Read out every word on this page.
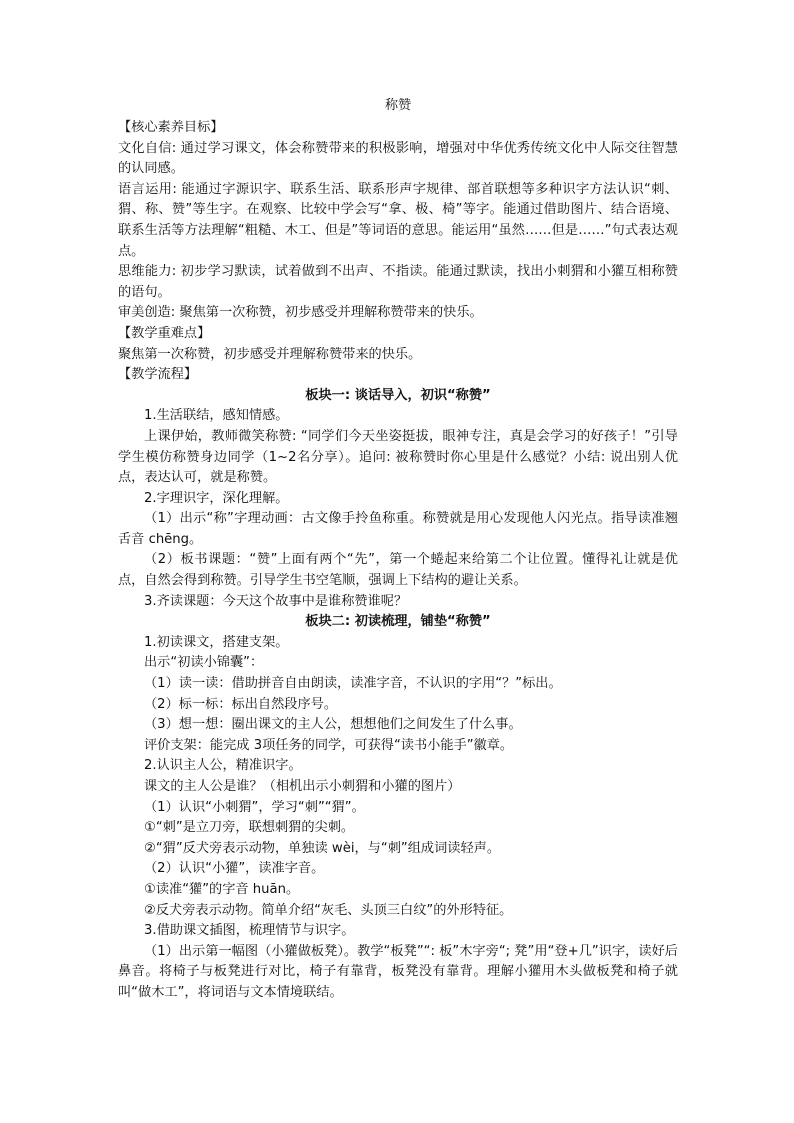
称赞

【核心素养目标】

文化自信: 通过学习课文，体会称赞带来的积极影响，增强对中华优秀传统文化中人际交往智慧的认同感。

语言运用: 能通过字源识字、联系生活、联系形声字规律、部首联想等多种识字方法认识“刺、猬、称、赞”等生字。在观察、比较中学会写“拿、极、椅”等字。能通过借助图片、结合语境、联系生活等方法理解“粗糙、木工、但是”等词语的意思。能运用“虽然……但是……”句式表达观点。

思维能力: 初步学习默读，试着做到不出声、不指读。能通过默读，找出小刺猬和小獾互相称赞的语句。

审美创造: 聚焦第一次称赞，初步感受并理解称赞带来的快乐。

【教学重难点】

聚焦第一次称赞，初步感受并理解称赞带来的快乐。

【教学流程】

板块一: 谈话导入，初识“称赞”

1.生活联结，感知情感。

上课伊始，教师微笑称赞: “同学们今天坐姿挺拔，眼神专注，真是会学习的好孩子！”引导学生模仿称赞身边同学（1~2名分享）。追问: 被称赞时你心里是什么感觉？小结: 说出别人优点，表达认可，就是称赞。

2.字理识字，深化理解。

（1）出示“称”字理动画：古文像手拎鱼称重。称赞就是用心发现他人闪光点。指导读准翘舌音 chēng。

（2）板书课题：“赞”上面有两个“先”，第一个蜷起来给第二个让位置。懂得礼让就是优点，自然会得到称赞。引导学生书空笔顺，强调上下结构的避让关系。

3.齐读课题：今天这个故事中是谁称赞谁呢？

板块二: 初读梳理，铺垫“称赞”

1.初读课文，搭建支架。

出示“初读小锦囊”：

（1）读一读：借助拼音自由朗读，读准字音，不认识的字用“？”标出。

（2）标一标：标出自然段序号。

（3）想一想：圈出课文的主人公，想想他们之间发生了什么事。

评价支架：能完成 3项任务的同学，可获得“读书小能手”徽章。

2.认识主人公，精准识字。

课文的主人公是谁？（相机出示小刺猬和小獾的图片）

（1）认识“小刺猬”，学习“刺”“猬”。

①“刺”是立刀旁，联想刺猬的尖刺。

②“猬”反犬旁表示动物，单独读 wèi，与“刺”组成词读轻声。

（2）认识“小獾”，读准字音。

①读准“獾”的字音 huān。

②反犬旁表示动物。简单介绍“灰毛、头顶三白纹”的外形特征。

3.借助课文插图，梳理情节与识字。

（1）出示第一幅图（小獾做板凳）。教学“板凳”“: 板”木字旁“; 凳”用“登+几”识字，读好后鼻音。将椅子与板凳进行对比，椅子有靠背，板凳没有靠背。理解小獾用木头做板凳和椅子就叫“做木工”，将词语与文本情境联结。
